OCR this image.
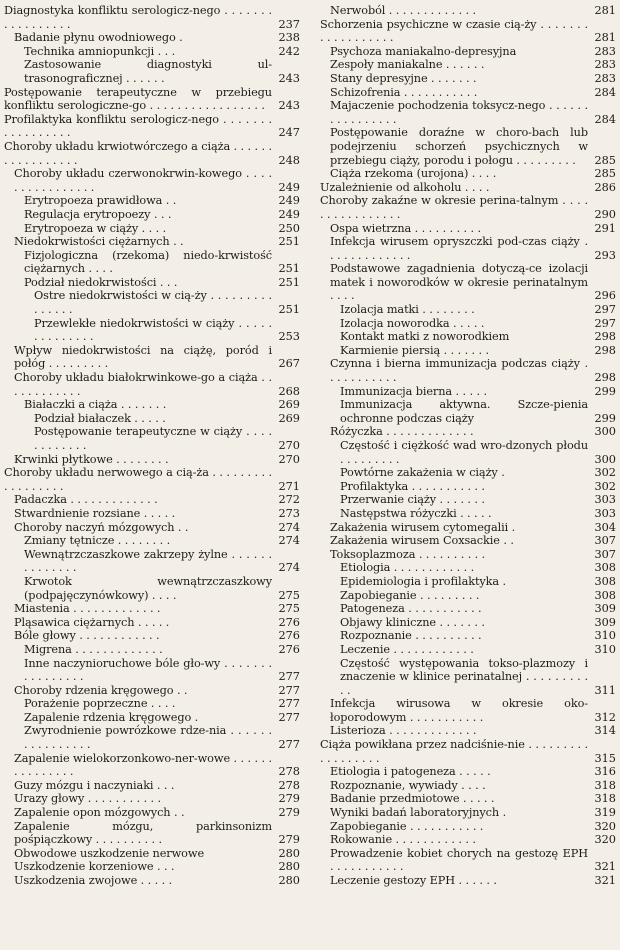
Diagnostyka konfliktu serologicz-nego . . . . . . . . . . . . . . . . .	237
Badanie płynu owodniowego .	238
Technika amniopunkcji . . .	242
Zastosowanie diagnostyki ul-trasonograficznej . . . . . .	243
Postępowanie terapeutyczne w przebiegu konfliktu serologiczne-go . . . . . . . . . . . . . . . . .	243
Profilaktyka konfliktu serologicz-nego . . . . . . . . . . . . . . . . .	247
Choroby układu krwiotwórczego a ciąża . . . . . . . . . . . . . . . . .	248
Choroby układu czerwonokrwin-kowego . . . . . . . . . . . . . . . .	249
Erytropoeza prawidłowa . .	249
Regulacja erytropoezy . . .	249
Erytropoeza w ciąży . . . .	250
Niedokrwistości ciężarnych . .	251
Fizjologiczna (rzekoma) niedo-krwistość ciężarnych . . . .	251
Podział niedokrwistości . . .	251
Ostre niedokrwistości w cią-ży . . . . . . . . . . . . . . .	251
Przewlekłe niedokrwistości w ciąży . . . . . . . . . . . . . .	253
Wpływ niedokrwistości na ciążę, poród i połóg . . . . . . . . .	267
Choroby układu białokrwinkowe-go a ciąża . . . . . . . . . . . .	268
Białaczki a ciąża . . . . . . .	269
Podział białaczek . . . . .	269
Postępowanie terapeutyczne w ciąży . . . . . . . . . . . .	270
Krwinki płytkowe . . . . . . . .	270
Choroby układu nerwowego a cią-ża . . . . . . . . . . . . . . . . . .	271
Padaczka . . . . . . . . . . . . .	272
Stwardnienie rozsiane . . . . .	273
Choroby naczyń mózgowych . .	274
Zmiany tętnicze . . . . . . . .	274
Wewnątrzczaszkowe zakrzepy żylne . . . . . . . . . . . . . .	274
Krwotok wewnątrzczaszkowy (podpajęczynówkowy) . . . .	275
Miastenia . . . . . . . . . . . . .	275
Pląsawica ciężarnych . . . . .	276
Bóle głowy . . . . . . . . . . . .	276
Migrena . . . . . . . . . . . . .	276
Inne naczynioruchowe bóle gło-wy . . . . . . . . . . . . . . . .	277
Choroby rdzenia kręgowego . .	277
Porażenie poprzeczne . . . .	277
Zapalenie rdzenia kręgowego .	277
Zwyrodnienie powrózkowe rdze-nia . . . . . . . . . . . . . . . .	277
Zapalenie wielokorzonkowo-ner-wowe . . . . . . . . . . . . . . .	278
Guzy mózgu i naczyniaki . . .	278
Urazy głowy . . . . . . . . . . .	279
Zapalenie opon mózgowych . .	279
Zapalenie mózgu, parkinsonizm pośpiączkowy . . . . . . . . . .	279
Obwodowe uszkodzenie nerwowe	280
Uszkodzenie korzeniowe . . .	280
Uszkodzenia zwojowe . . . . .	280
Nerwoból . . . . . . . . . . . . .	281
Schorzenia psychiczne w czasie cią-ży . . . . . . . . . . . . . . . . . .	281
Psychoza maniakalno-depresyjna	283
Zespoły maniakalne . . . . . .	283
Stany depresyjne . . . . . . .	283
Schizofrenia . . . . . . . . . . .	284
Majaczenie pochodzenia toksycz-nego . . . . . . . . . . . . . . . .	284
Postępowanie doraźne w choro-bach lub podejrzeniu schorzeń psychicznych w przebiegu ciąży, porodu i połogu . . . . . . . . .	285
Ciąża rzekoma (urojona) . . . .	285
Uzależnienie od alkoholu . . . .	286
Choroby zakaźne w okresie perina-talnym . . . . . . . . . . . . . . . .	290
Ospa wietrzna . . . . . . . . . .	291
Infekcja wirusem opryszczki pod-czas ciąży . . . . . . . . . . . . .	293
Podstawowe zagadnienia dotyczą-ce izolacji matek i noworodków w okresie perinatalnym . . . .	296
Izolacja matki . . . . . . . .	297
Izolacja noworodka . . . . .	297
Kontakt matki z noworodkiem	298
Karmienie piersią . . . . . . .	298
Czynna i bierna immunizacja podczas ciąży . . . . . . . . . . .	298
Immunizacja bierna . . . . .	299
Immunizacja aktywna. Szcze-pienia ochronne podczas ciąży	299
Różyczka . . . . . . . . . . . . .	300
Częstość i ciężkość wad wro-dzonych płodu . . . . . . . . .	300
Powtórne zakażenia w ciąży .	302
Profilaktyka . . . . . . . . . . .	302
Przerwanie ciąży . . . . . . .	303
Następstwa różyczki . . . . .	303
Zakażenia wirusem cytomegalii .	304
Zakażenia wirusem Coxsackie . .	307
Toksoplazmoza . . . . . . . . . .	307
Etiologia . . . . . . . . . . . .	308
Epidemiologia i profilaktyka .	308
Zapobieganie . . . . . . . . .	308
Patogeneza . . . . . . . . . . .	309
Objawy kliniczne . . . . . . .	309
Rozpoznanie . . . . . . . . . .	310
Leczenie . . . . . . . . . . . .	310
Częstość występowania tokso-plazmozy i znaczenie w klinice perinatalnej . . . . . . . . . . .	311
Infekcja wirusowa w okresie oko-łoporodowym . . . . . . . . . . .	312
Listerioza . . . . . . . . . . . . .	314
Ciąża powikłana przez nadciśnie-nie . . . . . . . . . . . . . . . . . .	315
Etiologia i patogeneza . . . . .	316
Rozpoznanie, wywiady . . . .	318
Badanie przedmiotowe . . . . .	318
Wyniki badań laboratoryjnych .	319
Zapobieganie . . . . . . . . . . .	320
Rokowanie . . . . . . . . . . . .	320
Prowadzenie kobiet chorych na gestozę EPH . . . . . . . . . . .	321
Leczenie gestozy EPH . . . . . .	321
